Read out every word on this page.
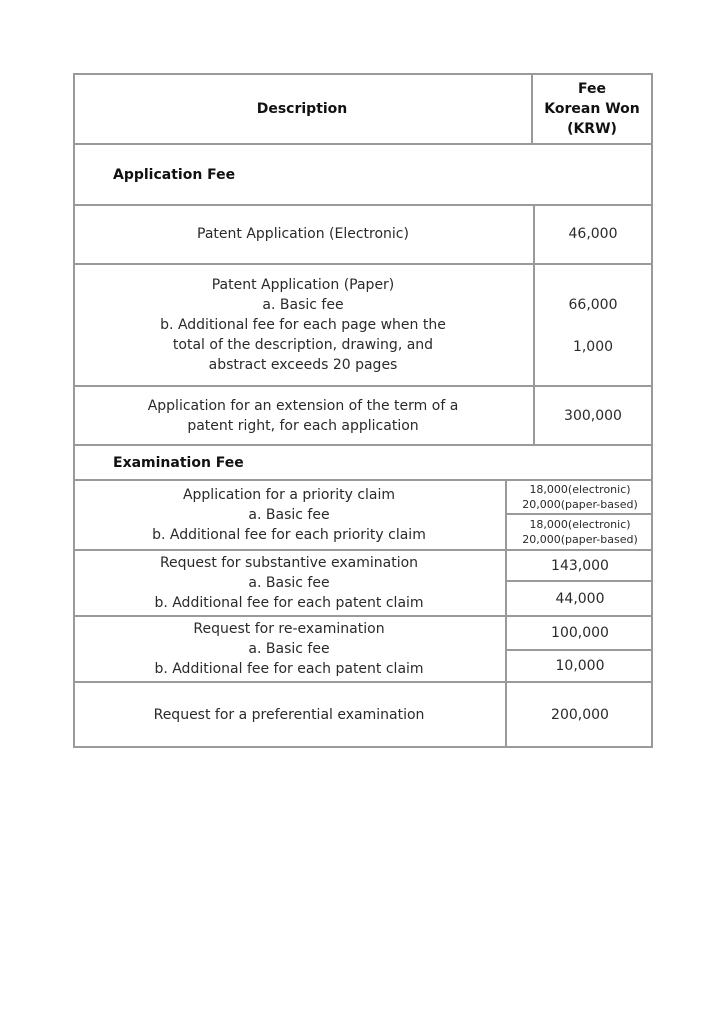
Description
Fee
Korean Won
(KRW)
Application Fee
Patent Application (Electronic)	46,000
Patent Application (Paper)
a. Basic fee
b. Additional fee for each page when the
total of the description, drawing, and
abstract exceeds 20 pages
66,000
1,000
Application for an extension of the term of a
patent right, for each application
300,000
Examination Fee
Application for a priority claim
a. Basic fee
b. Additional fee for each priority claim
18,000(electronic)
20,000(paper-based)
18,000(electronic)
20,000(paper-based)
Request for substantive examination
a. Basic fee
b. Additional fee for each patent claim
143,000
44,000
Request for re-examination
a. Basic fee
b. Additional fee for each patent claim
100,000
10,000
Request for a preferential examination	200,000
